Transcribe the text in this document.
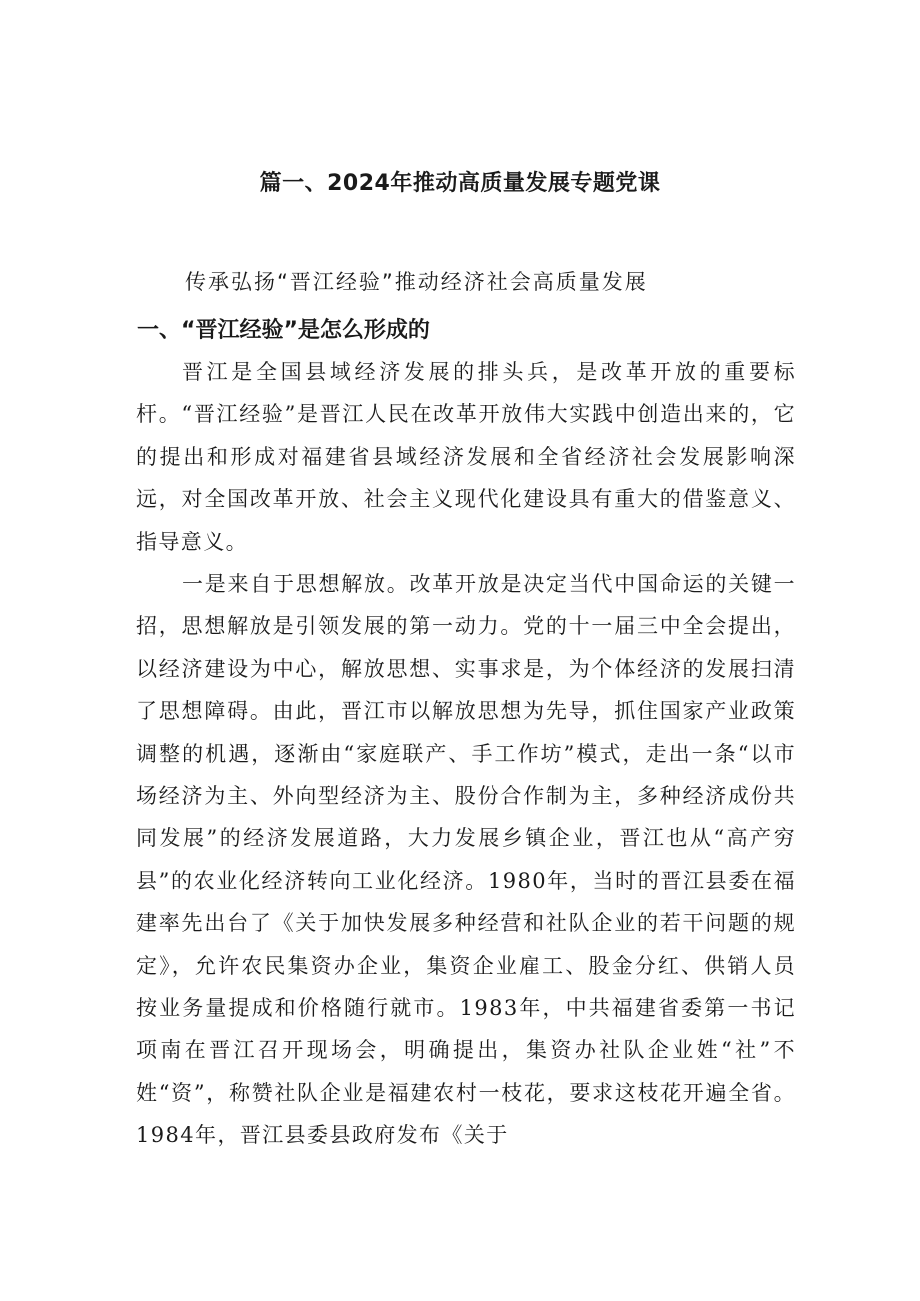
篇一、2024年推动高质量发展专题党课

传承弘扬“晋江经验”推动经济社会高质量发展

一、“晋江经验”是怎么形成的

晋江是全国县域经济发展的排头兵，是改革开放的重要标杆。“晋江经验”是晋江人民在改革开放伟大实践中创造出来的，它的提出和形成对福建省县域经济发展和全省经济社会发展影响深远，对全国改革开放、社会主义现代化建设具有重大的借鉴意义、指导意义。

一是来自于思想解放。改革开放是决定当代中国命运的关键一招，思想解放是引领发展的第一动力。党的十一届三中全会提出，以经济建设为中心，解放思想、实事求是，为个体经济的发展扫清了思想障碍。由此，晋江市以解放思想为先导，抓住国家产业政策调整的机遇，逐渐由“家庭联产、手工作坊”模式，走出一条“以市场经济为主、外向型经济为主、股份合作制为主，多种经济成份共同发展”的经济发展道路，大力发展乡镇企业，晋江也从“高产穷县”的农业化经济转向工业化经济。1980年，当时的晋江县委在福建率先出台了《关于加快发展多种经营和社队企业的若干问题的规定》，允许农民集资办企业，集资企业雇工、股金分红、供销人员按业务量提成和价格随行就市。1983年，中共福建省委第一书记项南在晋江召开现场会，明确提出，集资办社队企业姓“社”不姓“资”，称赞社队企业是福建农村一枝花，要求这枝花开遍全省。1984年，晋江县委县政府发布《关于
